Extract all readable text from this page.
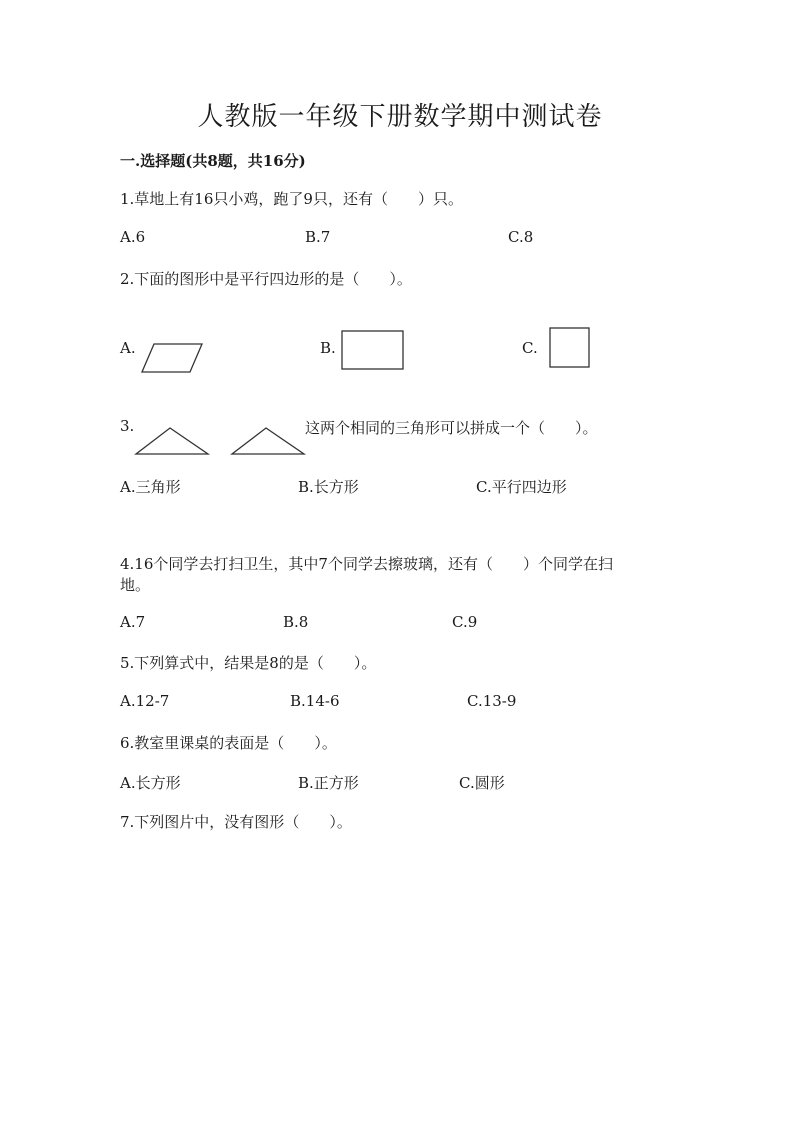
人教版一年级下册数学期中测试卷
一.选择题(共8题，共16分)
1.草地上有16只小鸡，跑了9只，还有（　　）只。
A.6	B.7	C.8
2.下面的图形中是平行四边形的是（　　）。
A.	B.	C.
3.	这两个相同的三角形可以拼成一个（　　）。
A.三角形	B.长方形	C.平行四边形
4.16个同学去打扫卫生，其中7个同学去擦玻璃，还有（　　）个同学在扫
地。
A.7	B.8	C.9
5.下列算式中，结果是8的是（　　）。
A.12-7	B.14-6	C.13-9
6.教室里课桌的表面是（　　）。
A.长方形	B.正方形	C.圆形
7.下列图片中，没有图形（　　）。
